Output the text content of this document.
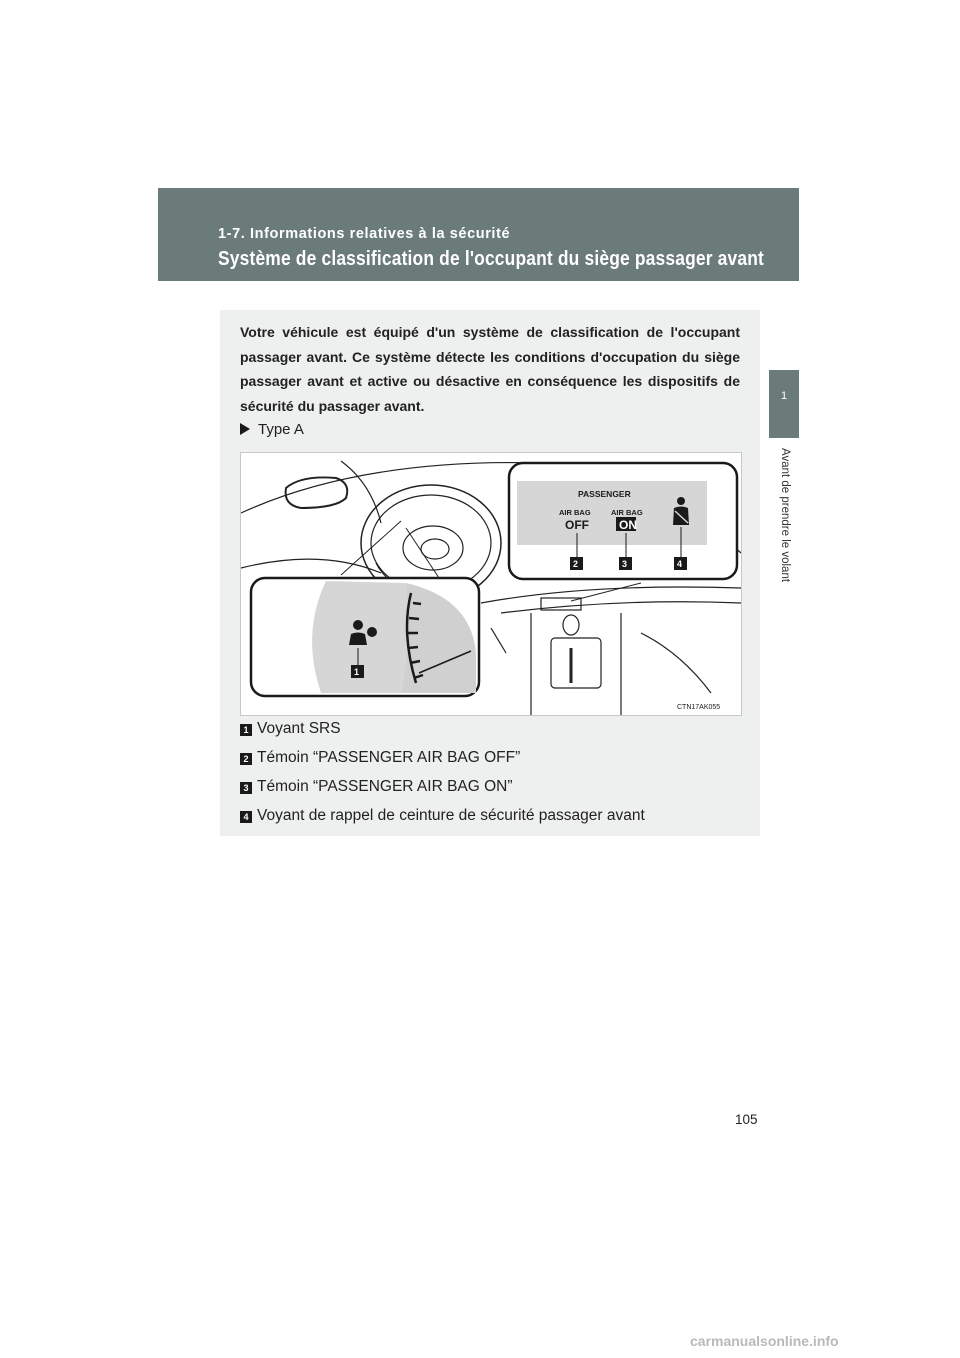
1-7. Informations relatives à la sécurité
Système de classification de l'occupant du siège passager avant
1
Avant de prendre le volant

Votre véhicule est équipé d'un système de classification de l'occupant passager avant. Ce système détecte les conditions d'occupation du siège passager avant et active ou désactive en conséquence les dispositifs de sécurité du passager avant.

Type A
PASSENGER
AIR BAG
OFF
AIR BAG
ON
2	3	4
1
CTN17AK055
1 Voyant SRS
2 Témoin “PASSENGER AIR BAG OFF”
3 Témoin “PASSENGER AIR BAG ON”
4 Voyant de rappel de ceinture de sécurité passager avant
105
carmanualsonline.info
